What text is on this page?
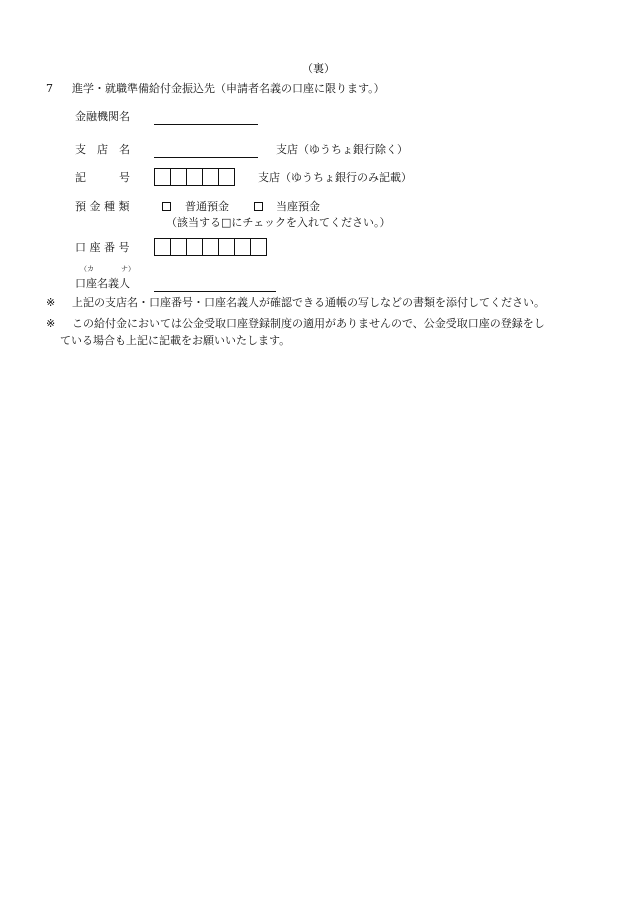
（裏）
7 進学・就職準備給付金振込先（申請者名義の口座に限ります。）
金融機関名
支　店　名	支店（ゆうちょ銀行除く）
記　　　号	支店（ゆうちょ銀行のみ記載）
預 金 種 類	普通預金	当座預金
（該当する□にチェックを入れてください。）
口 座 番 号
（カ	ナ）
口座名義人
※ 上記の支店名・口座番号・口座名義人が確認できる通帳の写しなどの書類を添付してください。
※ この給付金においては公金受取口座登録制度の適用がありませんので、公金受取口座の登録をし
ている場合も上記に記載をお願いいたします。
